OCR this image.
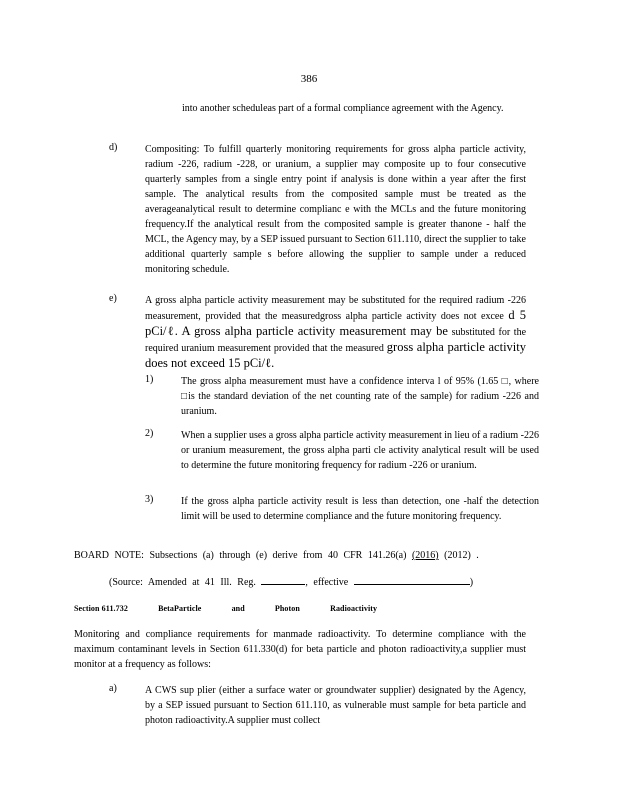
386
into another scheduleas part of a formal compliance agreement with the Agency.
d)	Compositing: To fulfill quarterly monitoring requirements for gross alpha particle activity, radium -226, radium -228, or uranium, a supplier may composite up to four consecutive quarterly samples from a single entry point if analysis is done within a year after the first sample. The analytical results from the composited sample must be treated as the averageanalytical result to determine complianc e with the MCLs and the future monitoring frequency.If the analytical result from the composited sample is greater thanone - half the MCL, the Agency may, by a SEP issued pursuant to Section 611.110, direct the supplier to take additional quarterly sample s before allowing the supplier to sample under a reduced monitoring schedule.
e)	A gross alpha particle activity measurement may be substituted for the required radium -226 measurement, provided that the measuredgross alpha particle activity does not excee d 5 pCi/ℓ. A gross alpha particle activity measurement may be substituted for the required uranium measurement provided that the measured gross alpha particle activity does not exceed 15 pCi/ℓ.
1)	The gross alpha measurement must have a confidence interva l of 95% (1.65 □, where □is the standard deviation of the net counting rate of the sample) for radium -226 and uranium.
2)	When a supplier uses a gross alpha particle activity measurement in lieu of a radium -226 or uranium measurement, the gross alpha parti cle activity analytical result will be used to determine the future monitoring frequency for radium -226 or uranium.
3)	If the gross alpha particle activity result is less than detection, one -half the detection limit will be used to determine compliance and the future monitoring frequency.
BOARD NOTE: Subsections (a) through (e) derive from 40 CFR 141.26(a) (2016) (2012) .
(Source: Amended at 41 Ill. Reg.	, effective	)
Section 611.732	BetaParticle	and	Photon	Radioactivity
Monitoring and compliance requirements for manmade radioactivity. To determine compliance with the maximum contaminant levels in Section 611.330(d) for beta particle and photon radioactivity,a supplier must monitor at a frequency as follows:
a)	A CWS sup plier (either a surface water or groundwater supplier) designated by the Agency, by a SEP issued pursuant to Section 611.110, as vulnerable must sample for beta particle and photon radioactivity.A supplier must collect
